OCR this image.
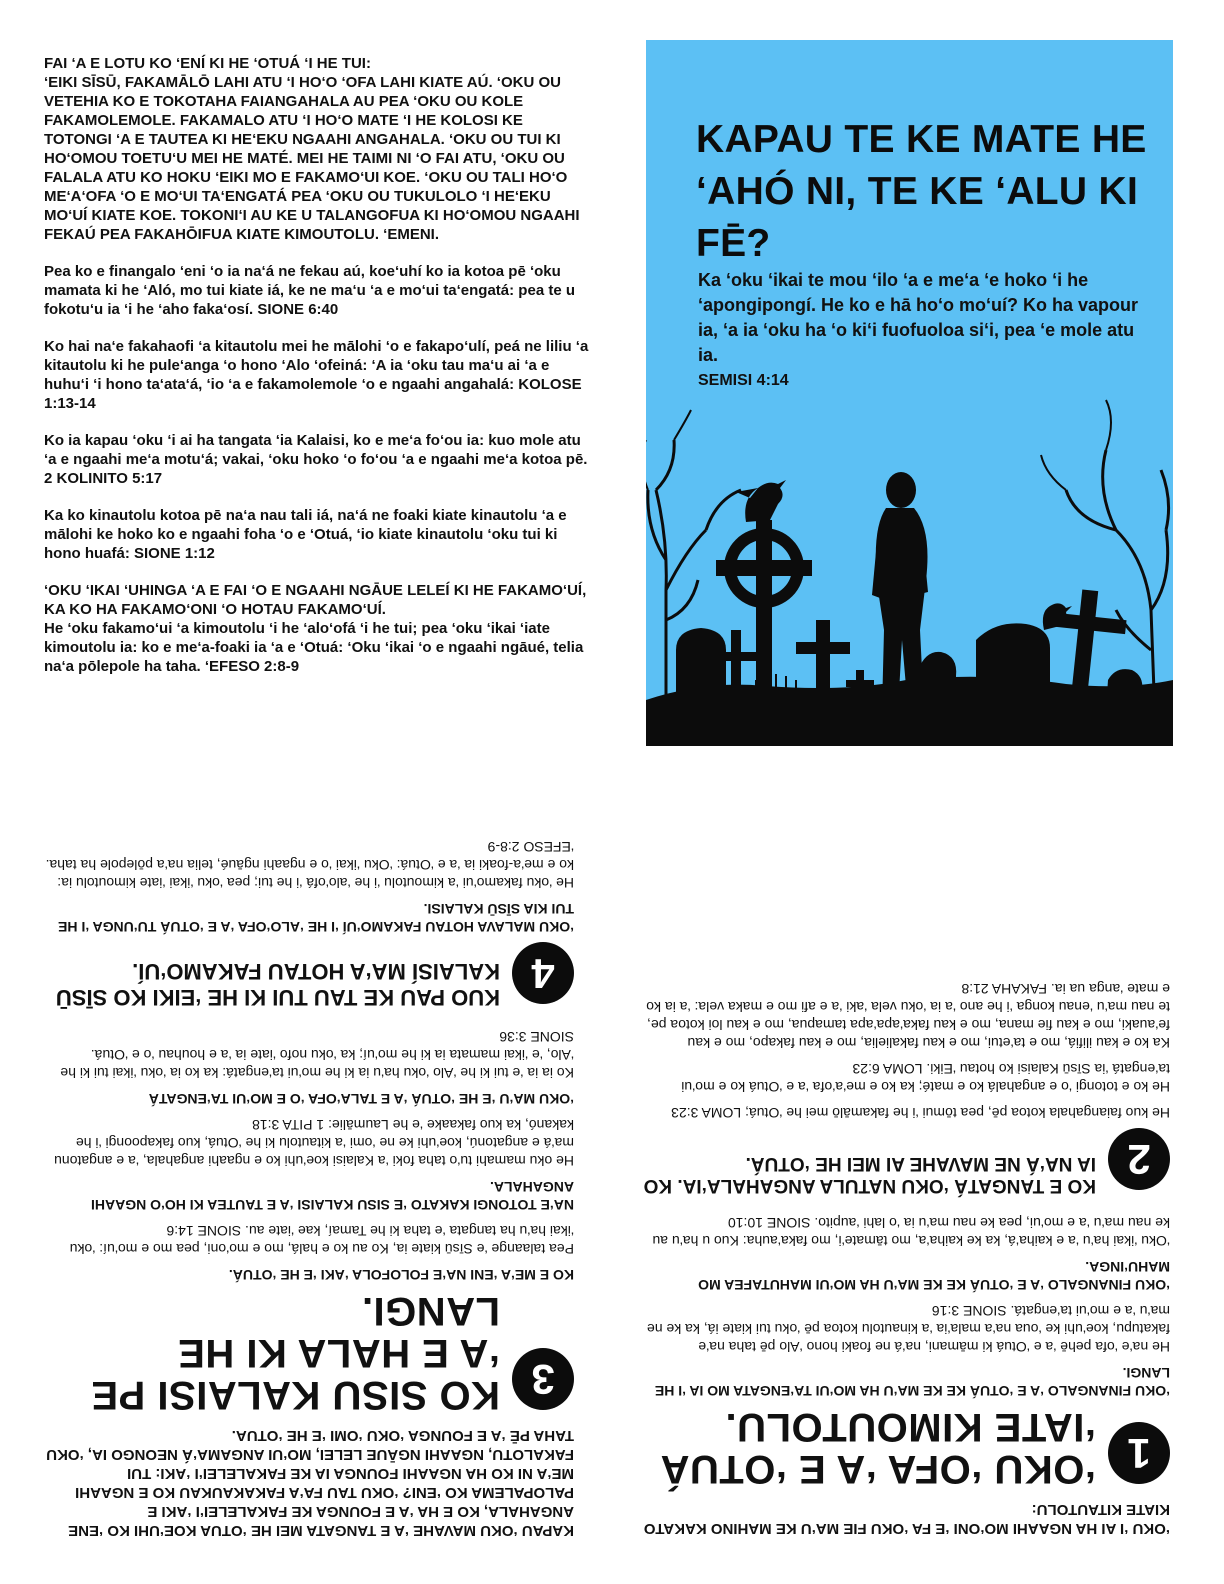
FAI ‘A E LOTU KO ‘ENÍ KI HE ‘OTUÁ ‘I HE TUI:
‘EIKI SĪSŪ, FAKAMĀLŌ LAHI ATU ‘I HO‘O ‘OFA LAHI KIATE AÚ. ‘OKU OU VETEHIA KO E TOKOTAHA FAIANGAHALA AU PEA ‘OKU OU KOLE FAKAMOLEMOLE. FAKAMALO ATU ‘I HO‘O MATE ‘I HE KOLOSI KE TOTONGI ‘A E TAUTEA KI HE‘EKU NGAAHI ANGAHALA. ‘OKU OU TUI KI HO‘OMOU TOETU‘U MEI HE MATÉ. MEI HE TAIMI NI ‘O FAI ATU, ‘OKU OU FALALA ATU KO HOKU ‘EIKI MO E FAKAMO‘UI KOE. ‘OKU OU TALI HO‘O ME‘A‘OFA ‘O E MO‘UI TA‘ENGATÁ PEA ‘OKU OU TUKULOLO ‘I HE‘EKU MO‘UÍ KIATE KOE. TOKONI‘I AU KE U TALANGOFUA KI HO‘OMOU NGAAHI FEKAÚ PEA FAKAHŌIFUA KIATE KIMOUTOLU. ‘EMENI.

Pea ko e finangalo ‘eni ‘o ia na‘á ne fekau aú, koe‘uhí ko ia kotoa pē ‘oku mamata ki he ‘Aló, mo tui kiate iá, ke ne ma‘u ‘a e mo‘ui ta‘engatá: pea te u fokotu‘u ia ‘i he ‘aho faka‘osí. SIONE 6:40

Ko hai na‘e fakahaofi ‘a kitautolu mei he mālohi ‘o e fakapo‘ulí, peá ne liliu ‘a kitautolu ki he pule‘anga ‘o hono ‘Alo ‘ofeiná: ‘A ia ‘oku tau ma‘u ai ‘a e huhu‘i ‘i hono ta‘ata‘á, ‘io ‘a e fakamolemole ‘o e ngaahi angahalá: KOLOSE 1:13-14

Ko ia kapau ‘oku ‘i ai ha tangata ‘ia Kalaisi, ko e me‘a fo‘ou ia: kuo mole atu ‘a e ngaahi me‘a motu‘á; vakai, ‘oku hoko ‘o fo‘ou ‘a e ngaahi me‘a kotoa pē. 2 KOLINITO 5:17

Ka ko kinautolu kotoa pē na‘a nau tali iá, na‘á ne foaki kiate kinautolu ‘a e mālohi ke hoko ko e ngaahi foha ‘o e ‘Otuá, ‘io kiate kinautolu ‘oku tui ki hono huafá: SIONE 1:12

‘OKU ‘IKAI ‘UHINGA ‘A E FAI ‘O E NGAAHI NGĀUE LELEÍ KI HE FAKAMO‘UÍ, KA KO HA FAKAMO‘ONI ‘O HOTAU FAKAMO‘UÍ.

He ‘oku fakamo‘ui ‘a kimoutolu ‘i he ‘alo‘ofá ‘i he tui; pea ‘oku ‘ikai ‘iate kimoutolu ia: ko e me‘a-foaki ia ‘a e ‘Otuá: ‘Oku ‘ikai ‘o e ngaahi ngāué, telia na‘a pōlepole ha taha. ‘EFESO 2:8-9

KAPAU TE KE MATE HE ‘AHÓ NI, TE KE ‘ALU KI FĒ?
Ka ‘oku ‘ikai te mou ‘ilo ‘a e me‘a ‘e hoko ‘i he ‘apongipongí. He ko e hā ho‘o mo‘uí? Ko ha vapour ia, ‘a ia ‘oku ha ‘o ki‘i fuofuoloa si‘i, pea ‘e mole atu ia.
SEMISI 4:14
‘OKU ‘I AI HA NGAAHI MO‘ONI ‘E FA ‘OKU FIE MA‘U KE MAHINO KAKATO KIATE KITAUTOLU:
1
‘OKU ‘OFA ‘A E ‘OTUÁ ‘IATE KIMOUTOLU.

‘OKU FINANGALO ‘A E ‘OTUÁ KE KE MA‘U HA MO‘UI TA‘ENGATA MO IA ‘I HE LANGI.

He na‘e ‘ofa pehē ‘a e ‘Otuá ki māmani, na‘á ne foaki hono ‘Alo pē taha na‘e fakatupu, koe‘uhi ke ‘oua na‘a mala‘ia ‘a kinautolu kotoa pē ‘oku tui kiate iá, ka ke ne ma‘u ‘a e mo‘ui ta‘engatá. SIONE 3:16

‘OKU FINANGALO ‘A E ‘OTUÁ KE KE MA‘U HA MO‘UI MAHUTAFEA MO MAHU‘INGA.

‘Oku ‘ikai ha‘u ‘a e kaiha‘á, ka ke kaiha‘a, mo tāmate‘i, mo faka‘auha: Kuo u ha‘u au ke nau ma‘u ‘a e mo‘ui, pea ke nau ma‘u ia ‘o lahi ‘aupito. SIONE 10:10

2
KO E TANGATÁ ‘OKU NATULA ANGAHALA‘IA. KO IA NA‘Á NE MAVAHE AI MEI HE ‘OTUÁ.

He kuo faiangahala kotoa pē, pea tōmui ‘i he fakamālō mei he ‘Otuá; LOMA 3:23

He ko e totongi ‘o e angahalá ko e maté; ka ko e me‘a‘ofa ‘a e ‘Otuá ko e mo‘ui ta‘engatá ‘ia Sīsū Kalaisi ko hotau ‘Eiki. LOMA 6:23

Ka ko e kau ilifiá, mo e ta‘etui, mo e kau fakalielia, mo e kau fakapo, mo e kau fe‘auaki, mo e kau fie mana, mo e kau faka‘apa‘apa tamapua, mo e kau loi kotoa pe, te nau ma‘u ‘enau konga ‘i he ano ‘a ia ‘oku vela ‘aki ‘a e afi mo e maka vela: ‘a ia ko e mate ‘anga ua ia. FAKAHA 21:8

KAPAU ‘OKU MAVAHE ‘A E TANGATA MEI HE ‘OTUA KOE‘UHI KO ‘ENE ANGAHALA, KO E HA ‘A E FOUNGA KE FAKALELEI‘I ‘AKI E PALOPALEMA KO ‘ENI? ‘OKU TAU FA‘A FAKAKAUKAU KO E NGAAHI ME‘A NI KO HA NGAAHI FOUNGA IA KE FAKALELEI‘I ‘AKI: TUI FAKALOTU, NGAAHI NGĀUE LELEI, MO‘UI ANGAMA‘Á NEONGO IA, ‘OKU TAHA PĒ ‘A E FOUNGA ‘OKU ‘OMI ‘E HE ‘OTUA.
3
KO SISU KALAISI PE ‘A E HALA KI HE LANGI.

KO E ME‘A ‘ENI NA‘E FOLOFOLA ‘AKI ‘E HE ‘OTUÁ.

Pea talaange ‘e Sīsū kiate ia, Ko au ko e halá, mo e mo‘oni, pea mo e mo‘uí: ‘oku ‘ikai ha‘u ha tangata ‘e taha ki he Tamaí, kae ‘iate au. SIONE 14:6

NA‘E TOTONGI KAKATO ‘E SISU KALAISI ‘A E TAUTEA KI HO‘O NGAAHI ANGAHALA.

He oku mamahi tu‘o taha foki ‘a Kalaisi koe‘uhi ko e ngaahi angahala, ‘a e angatonu ma‘á e angatonú, koe‘uhi ke ne ‘omi ‘a kitautolu ki he ‘Otuá, kuo fakapoongi ‘i he kakanó, ka kuo fakaake ‘e he Laumālie: 1 PITA 3:18

‘OKU MA‘U ‘E HE ‘OTUÁ ‘A E TALA‘OFA ‘O E MO‘UI TA‘ENGATÁ

Ko ia ia ‘e tui ki he ‘Alo ‘oku ha‘u ia ki he mo‘ui ta‘engatá: ka ko ia ‘oku ‘ikai tui ki he ‘Alo, ‘e ‘ikai mamata ia ki he mo‘uí; ka ‘oku nofo ‘iate ia ‘a e houhau ‘o e ‘Otuá. SIONE 3:36

4
KUO PAU KE TAU TUI KI HE ‘EIKI KO SĪSŪ KALAISÍ MA‘A HOTAU FAKAMO‘UÍ.

‘OKU MALAVA HOTAU FAKAMO‘UÍ ‘I HE ‘ALO‘OFA ‘A E ‘OTUÁ TU‘UNGA ‘I HE TUI KIA SĪSŪ KALAISI.

He ‘oku fakamo‘ui ‘a kimoutolu ‘i he ‘alo‘ofá ‘i he tui; pea ‘oku ‘ikai ‘iate kimoutolu ia: ko e me‘a-foaki ia ‘a e ‘Otuá: ‘Oku ‘ikai ‘o e ngaahi ngāué, telia na‘a pōlepole ha taha. ‘EFESO 2:8-9
